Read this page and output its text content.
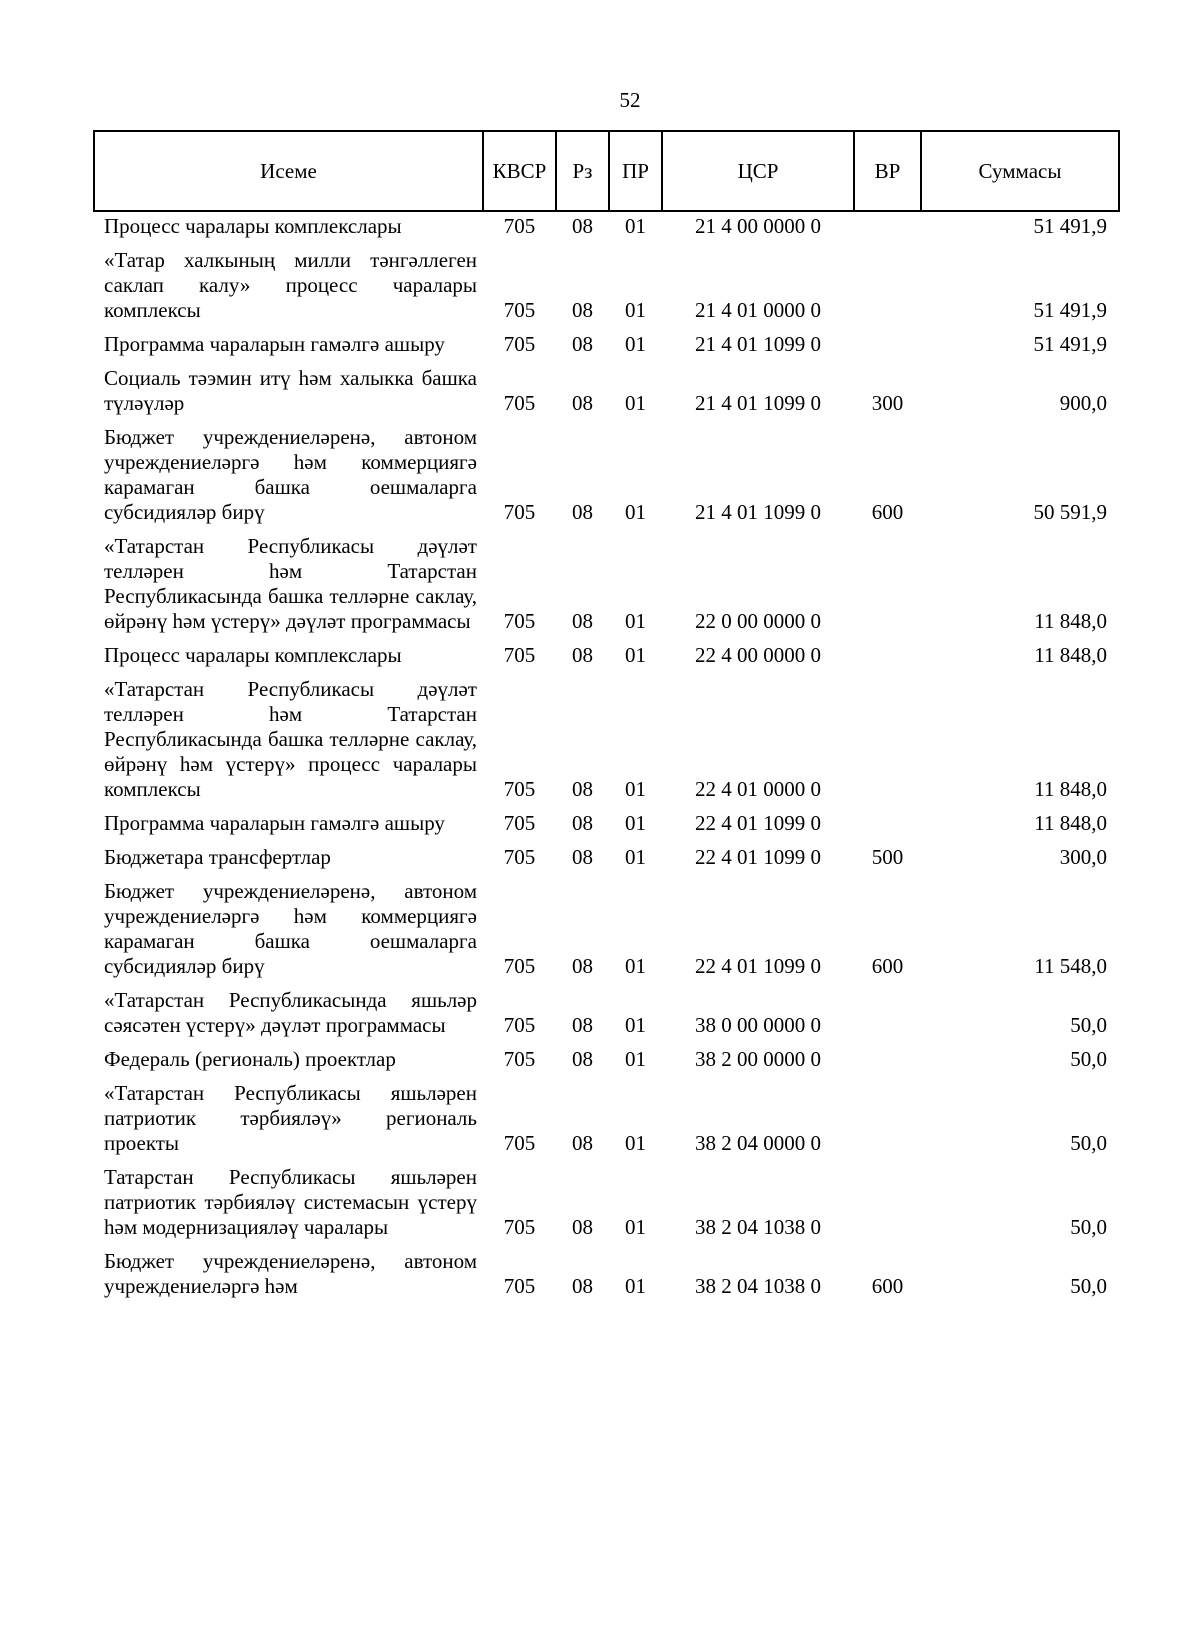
52
Исеме	КВСР	Рз	ПР	ЦСР	ВР	Суммасы
Процесс чаралары комплекслары	705	08	01	21 4 00 0000 0		51 491,9
«Татар халкының милли тәнгәллеген саклап калу» процесс чаралары комплексы	705	08	01	21 4 01 0000 0		51 491,9
Программа чараларын гамәлгә ашыру	705	08	01	21 4 01 1099 0		51 491,9
Социаль тәэмин итү һәм халыкка башка түләүләр	705	08	01	21 4 01 1099 0	300	900,0
Бюджет учреждениеләренә, автоном учреждениеләргә һәм коммерциягә карамаган башка оешмаларга субсидияләр бирү	705	08	01	21 4 01 1099 0	600	50 591,9
«Татарстан Республикасы дәүләт телләрен һәм Татарстан Республикасында башка телләрне саклау, өйрәнү һәм үстерү» дәүләт программасы	705	08	01	22 0 00 0000 0		11 848,0
Процесс чаралары комплекслары	705	08	01	22 4 00 0000 0		11 848,0
«Татарстан Республикасы дәүләт телләрен һәм Татарстан Республикасында башка телләрне саклау, өйрәнү һәм үстерү» процесс чаралары комплексы	705	08	01	22 4 01 0000 0		11 848,0
Программа чараларын гамәлгә ашыру	705	08	01	22 4 01 1099 0		11 848,0
Бюджетара трансфертлар	705	08	01	22 4 01 1099 0	500	300,0
Бюджет учреждениеләренә, автоном учреждениеләргә һәм коммерциягә карамаган башка оешмаларга субсидияләр бирү	705	08	01	22 4 01 1099 0	600	11 548,0
«Татарстан Республикасында яшьләр сәясәтен үстерү» дәүләт программасы	705	08	01	38 0 00 0000 0		50,0
Федераль (региональ) проектлар	705	08	01	38 2 00 0000 0		50,0
«Татарстан Республикасы яшьләрен патриотик тәрбияләү» региональ проекты	705	08	01	38 2 04 0000 0		50,0
Татарстан Республикасы яшьләрен патриотик тәрбияләү системасын үстерү һәм модернизацияләү чаралары	705	08	01	38 2 04 1038 0		50,0
Бюджет учреждениеләренә, автоном учреждениеләргә һәм	705	08	01	38 2 04 1038 0	600	50,0
